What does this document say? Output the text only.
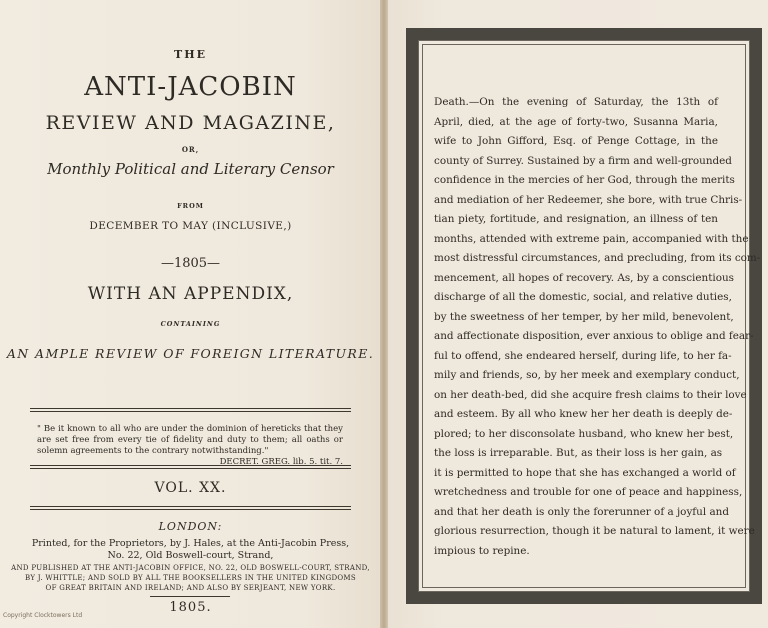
THE
ANTI-JACOBIN
REVIEW AND MAGAZINE,
OR,
Monthly Political and Literary Censor
FROM
DECEMBER TO MAY (INCLUSIVE,)
—1805—
WITH AN APPENDIX,
CONTAINING
AN AMPLE REVIEW OF FOREIGN LITERATURE.
" Be it known to all who are under the dominion of hereticks that they are set free from every tie of fidelity and duty to them; all oaths or solemn agreements to the contrary notwithstanding."
DECRET. GREG. lib. 5. tit. 7.
VOL. XX.
LONDON:
Printed, for the Proprietors, by J. Hales, at the Anti-Jacobin Press,
No. 22, Old Boswell-court, Strand,
AND PUBLISHED AT THE ANTI-JACOBIN OFFICE, NO. 22, OLD BOSWELL-COURT, STRAND,
BY J. WHITTLE; AND SOLD BY ALL THE BOOKSELLERS IN THE UNITED KINGDOMS
OF GREAT BRITAIN AND IRELAND; AND ALSO BY SERJEANT, NEW YORK.
1805.
Copyright Clocktowers Ltd
Death.—On the evening of Saturday, the 13th of
April, died, at the age of forty-two, Susanna Maria,
wife to John Gifford, Esq. of Penge Cottage, in the
county of Surrey. Sustained by a firm and well-grounded
confidence in the mercies of her God, through the merits
and mediation of her Redeemer, she bore, with true Chris-
tian piety, fortitude, and resignation, an illness of ten
months, attended with extreme pain, accompanied with the
most distressful circumstances, and precluding, from its com-
mencement, all hopes of recovery. As, by a conscientious
discharge of all the domestic, social, and relative duties,
by the sweetness of her temper, by her mild, benevolent,
and affectionate disposition, ever anxious to oblige and fear-
ful to offend, she endeared herself, during life, to her fa-
mily and friends, so, by her meek and exemplary conduct,
on her death-bed, did she acquire fresh claims to their love
and esteem. By all who knew her her death is deeply de-
plored; to her disconsolate husband, who knew her best,
the loss is irreparable. But, as their loss is her gain, as
it is permitted to hope that she has exchanged a world of
wretchedness and trouble for one of peace and happiness,
and that her death is only the forerunner of a joyful and
glorious resurrection, though it be natural to lament, it were
impious to repine.
